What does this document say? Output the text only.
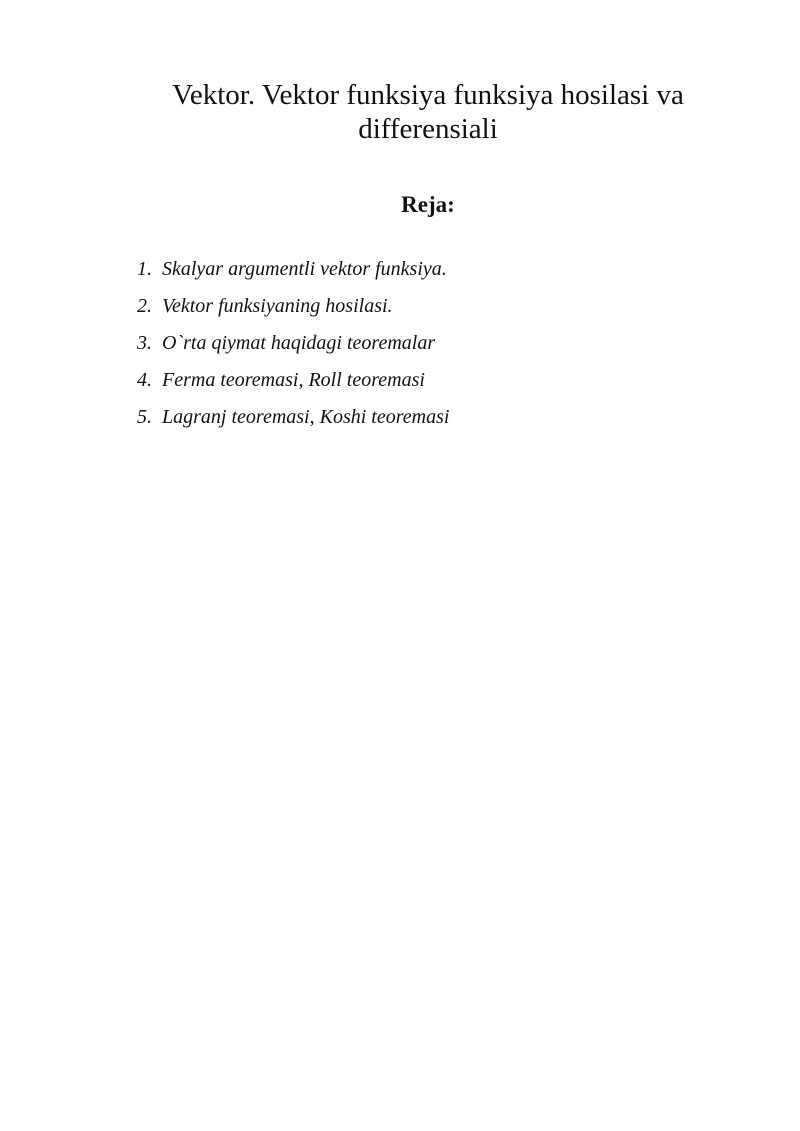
Vektor. Vektor funksiya funksiya hosilasi va
differensiali
Reja:
1. Skalyar argumentli vektor funksiya.
2. Vektor funksiyaning hosilasi.
3. O`rta qiymat haqidagi teoremalar
4. Ferma teoremasi, Roll teoremasi
5. Lagranj teoremasi, Koshi teoremasi
